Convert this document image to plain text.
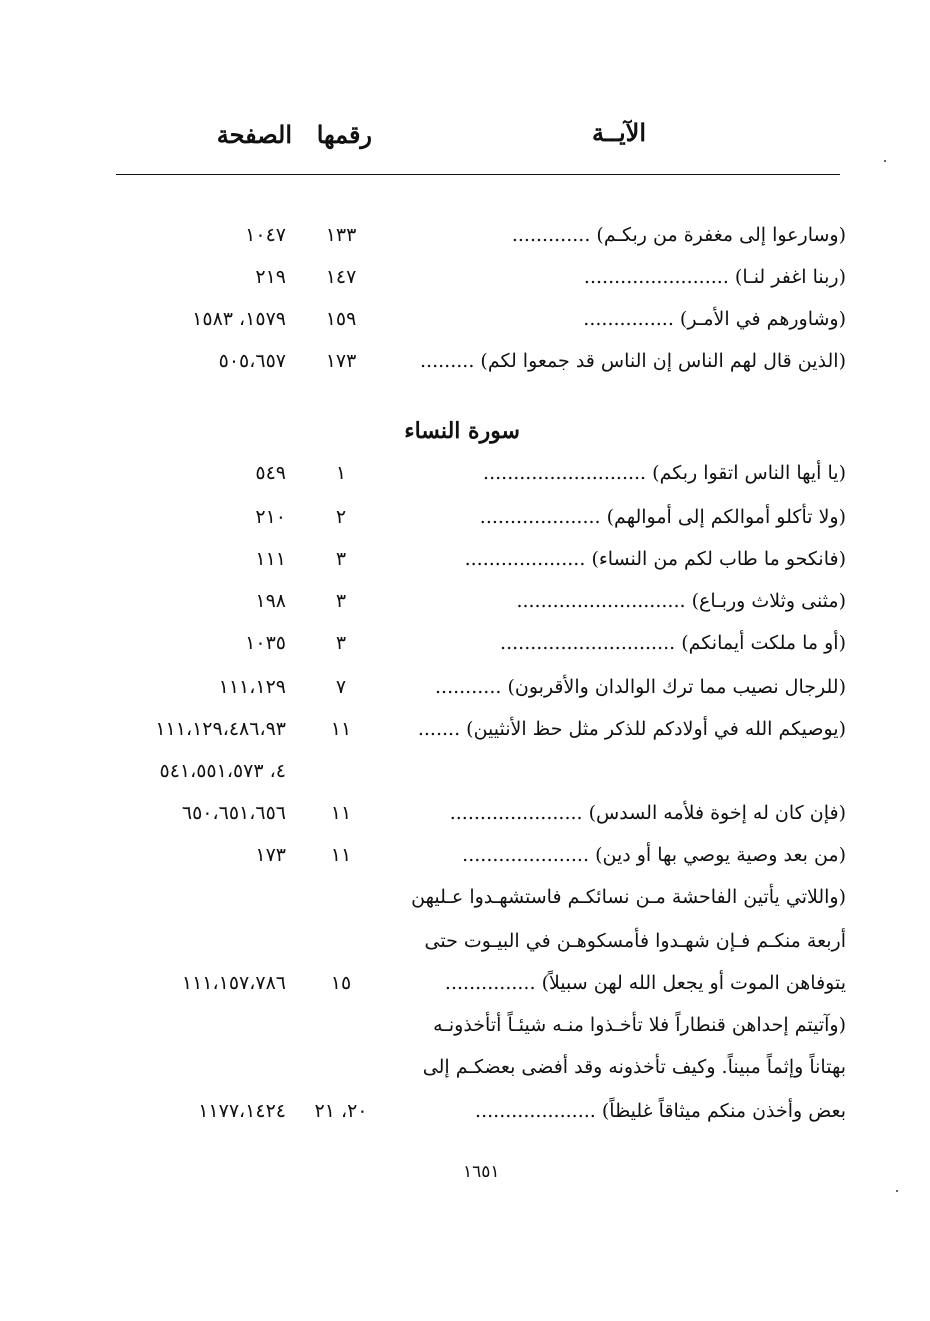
الآيــة
رقمها
الصفحة
(وسارعوا إلى مغفرة من ربكـم) .............
١٣٣
١٠٤٧
(ربنا اغفر لنـا) ........................
١٤٧
٢١٩
(وشاورهم في الأمـر) ...............
١٥٩
١٥٧٩، ١٥٨٣
(الذين قال لهم الناس إن الناس قد جمعوا لكم) .........
١٧٣
٥٠٥،٦٥٧
سورة النساء
(يا أيها الناس اتقوا ربكم) ...........................
١
٥٤٩
(ولا تأكلو أموالكم إلى أموالهم) ....................
٢
٢١٠
(فانكحو ما طاب لكم من النساء) ....................
٣
١١١
(مثنى وثلاث وربـاع) ............................
٣
١٩٨
(أو ما ملكت أيمانكم) .............................
٣
١٠٣٥
(للرجال نصيب مما ترك الوالدان والأقربون) ...........
٧
١١١،١٢٩
(يوصيكم الله في أولادكم للذكر مثل حظ الأنثيين) .......
١١
١١١،١٢٩،٤٨٦،٩٣
٤، ٥٤١،٥٥١،٥٧٣
(فإن كان له إخوة فلأمه السدس) ......................
١١
٦٥٠،٦٥١،٦٥٦
(من بعد وصية يوصي بها أو دين) .....................
١١
١٧٣
(واللاتي يأتين الفاحشة مـن نسائكـم فاستشهـدوا عـليهن
أربعة منكـم فـإن شهـدوا فأمسكوهـن في البيـوت حتى
يتوفاهن الموت أو يجعل الله لهن سبيلاً) ...............
١٥
١١١،١٥٧،٧٨٦
(وآتيتم إحداهن قنطاراً فلا تأخـذوا منـه شيئـاً أتأخذونـه
بهتاناً وإثماً مبيناً. وكيف تأخذونه وقد أفضى بعضكـم إلى
بعض وأخذن منكم ميثاقاً غليظاً) ....................
٢٠، ٢١
١١٧٧،١٤٢٤
١٦٥١
